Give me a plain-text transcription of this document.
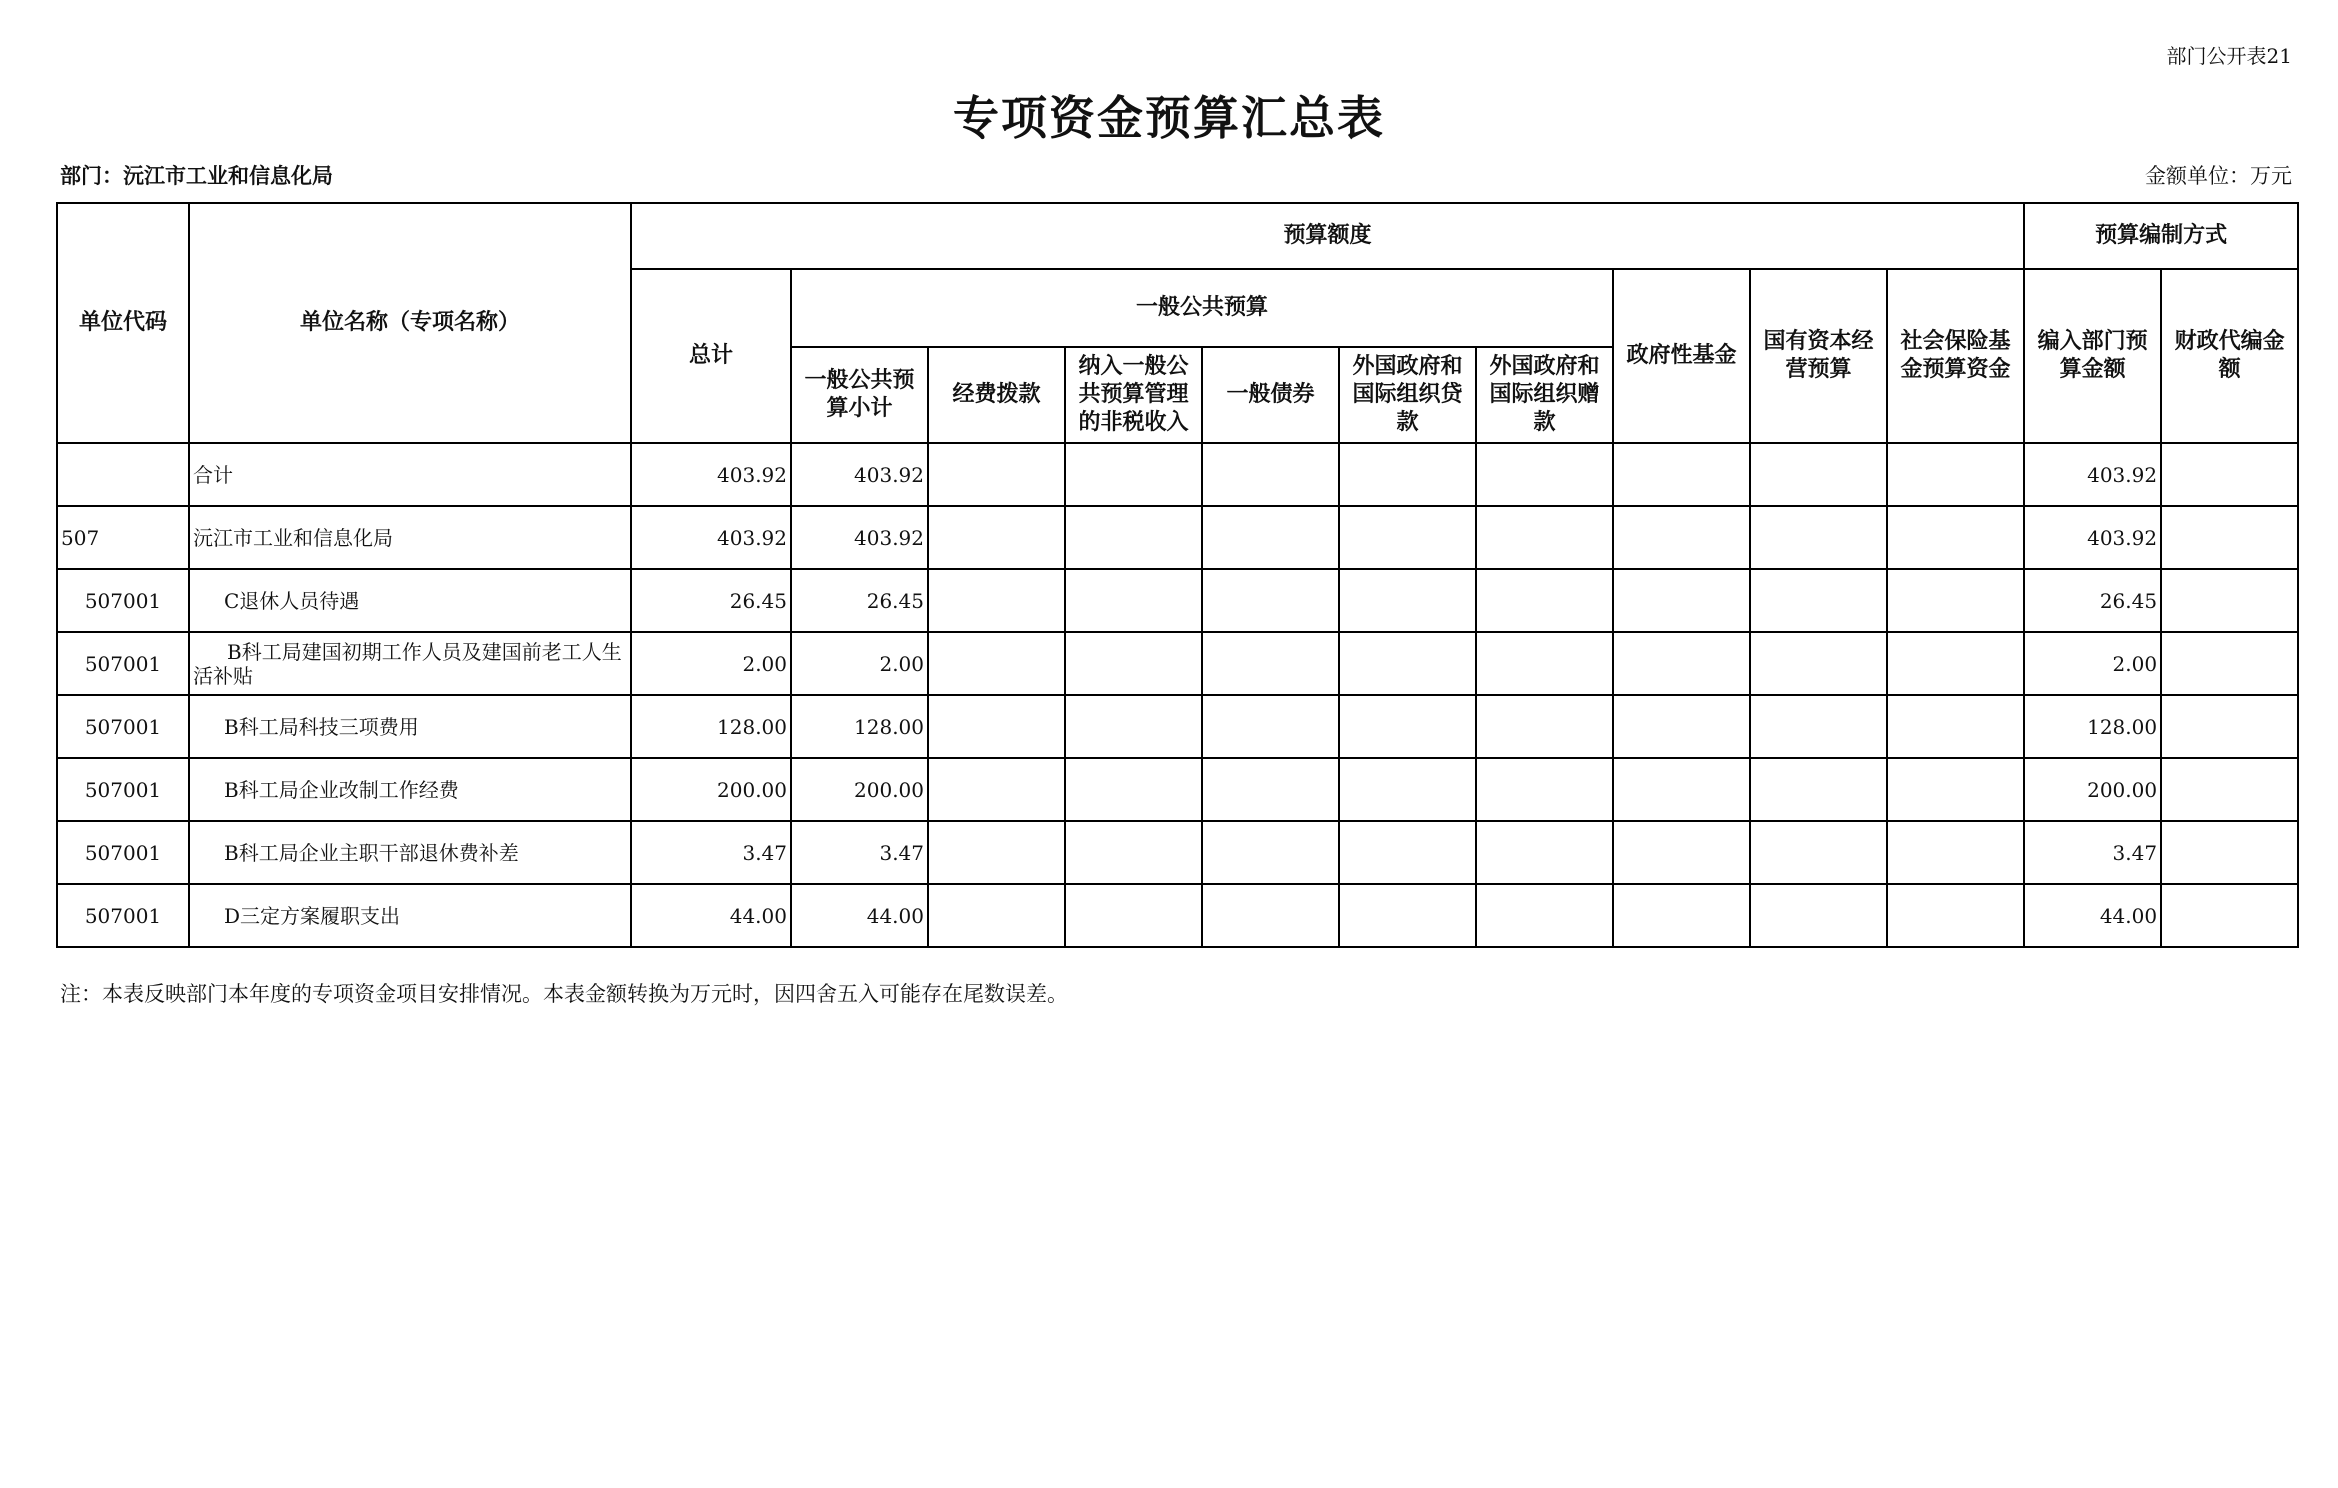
部门公开表21
专项资金预算汇总表
部门：沅江市工业和信息化局	金额单位：万元
单位代码	单位名称（专项名称）	预算额度										预算编制方式	
		总计	一般公共预算						政府性基金	国有资本经营预算	社会保险基金预算资金	编入部门预算金额	财政代编金额
			一般公共预算小计	经费拨款	纳入一般公共预算管理的非税收入	一般债券	外国政府和国际组织贷款	外国政府和国际组织赠款					
	合计	403.92	403.92									403.92	
507	沅江市工业和信息化局	403.92	403.92									403.92	
507001	C退休人员待遇	26.45	26.45									26.45	
507001	B科工局建国初期工作人员及建国前老工人生活补贴	2.00	2.00									2.00	
507001	B科工局科技三项费用	128.00	128.00									128.00	
507001	B科工局企业改制工作经费	200.00	200.00									200.00	
507001	B科工局企业主职干部退休费补差	3.47	3.47									3.47	
507001	D三定方案履职支出	44.00	44.00									44.00	
注：本表反映部门本年度的专项资金项目安排情况。本表金额转换为万元时，因四舍五入可能存在尾数误差。
